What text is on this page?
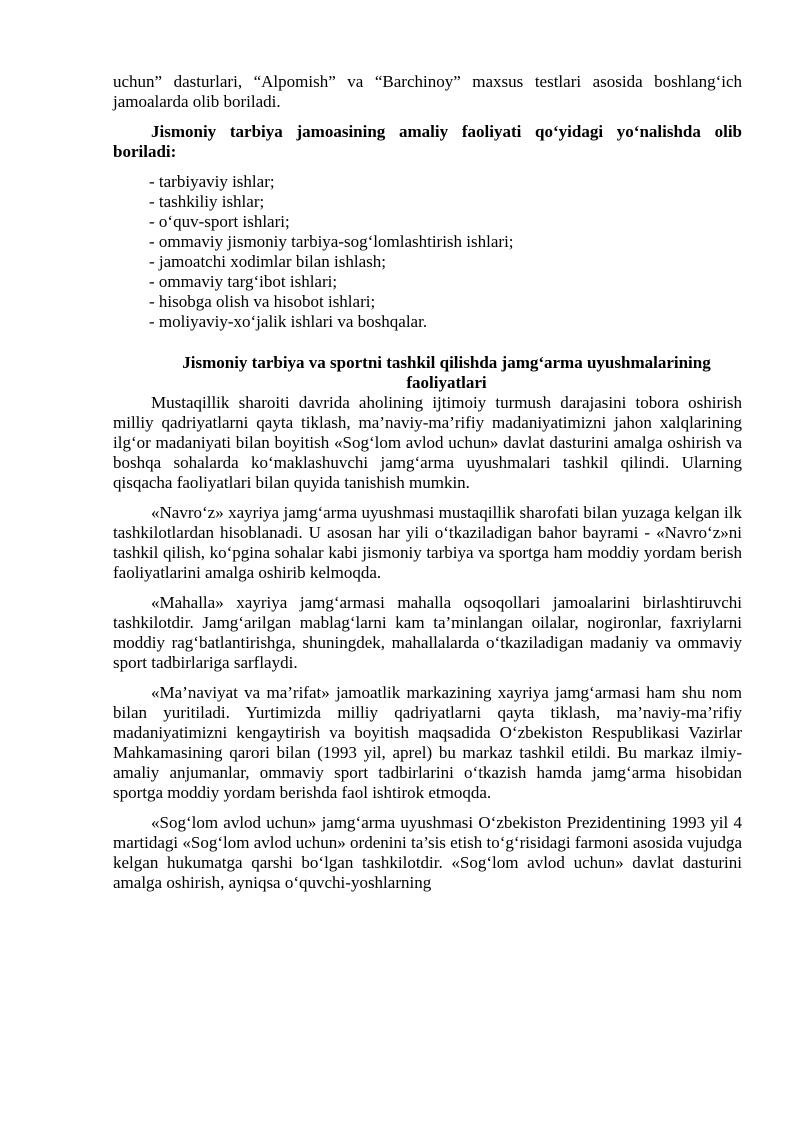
uchun” dasturlari, “Alpomish” va “Barchinoy” maxsus testlari asosida boshlang‘ich jamoalarda olib boriladi.

Jismoniy tarbiya jamoasining amaliy faoliyati qo‘yidagi yo‘nalishda olib boriladi:

- tarbiyaviy ishlar;
- tashkiliy ishlar;
- o‘quv-sport ishlari;
- ommaviy jismoniy tarbiya-sog‘lomlashtirish ishlari;
- jamoatchi xodimlar bilan ishlash;
- ommaviy targ‘ibot ishlari;
- hisobga olish va hisobot ishlari;
- moliyaviy-xo‘jalik ishlari va boshqalar.

Jismoniy tarbiya va sportni tashkil qilishda jamg‘arma uyushmalarining faoliyatlari

Mustaqillik sharoiti davrida aholining ijtimoiy turmush darajasini tobora oshirish milliy qadriyatlarni qayta tiklash, ma’naviy-ma’rifiy madaniyatimizni jahon xalqlarining ilg‘or madaniyati bilan boyitish «Sog‘lom avlod uchun» davlat dasturini amalga oshirish va boshqa sohalarda ko‘maklashuvchi jamg‘arma uyushmalari tashkil qilindi. Ularning qisqacha faoliyatlari bilan quyida tanishish mumkin.

«Navro‘z» xayriya jamg‘arma uyushmasi mustaqillik sharofati bilan yuzaga kelgan ilk tashkilotlardan hisoblanadi. U asosan har yili o‘tkaziladigan bahor bayrami - «Navro‘z»ni tashkil qilish, ko‘pgina sohalar kabi jismoniy tarbiya va sportga ham moddiy yordam berish faoliyatlarini amalga oshirib kelmoqda.

«Mahalla» xayriya jamg‘armasi mahalla oqsoqollari jamoalarini birlashtiruvchi tashkilotdir. Jamg‘arilgan mablag‘larni kam ta’minlangan oilalar, nogironlar, faxriylarni moddiy rag‘batlantirishga, shuningdek, mahallalarda o‘tkaziladigan madaniy va ommaviy sport tadbirlariga sarflaydi.

«Ma’naviyat va ma’rifat» jamoatlik markazining xayriya jamg‘armasi ham shu nom bilan yuritiladi. Yurtimizda milliy qadriyatlarni qayta tiklash, ma’naviy-ma’rifiy madaniyatimizni kengaytirish va boyitish maqsadida O‘zbekiston Respublikasi Vazirlar Mahkamasining qarori bilan (1993 yil, aprel) bu markaz tashkil etildi. Bu markaz ilmiy-amaliy anjumanlar, ommaviy sport tadbirlarini o‘tkazish hamda jamg‘arma hisobidan sportga moddiy yordam berishda faol ishtirok etmoqda.

«Sog‘lom avlod uchun» jamg‘arma uyushmasi O‘zbekiston Prezidentining 1993 yil 4 martidagi «Sog‘lom avlod uchun» ordenini ta’sis etish to‘g‘risidagi farmoni asosida vujudga kelgan hukumatga qarshi bo‘lgan tashkilotdir. «Sog‘lom avlod uchun» davlat dasturini amalga oshirish, ayniqsa o‘quvchi-yoshlarning
